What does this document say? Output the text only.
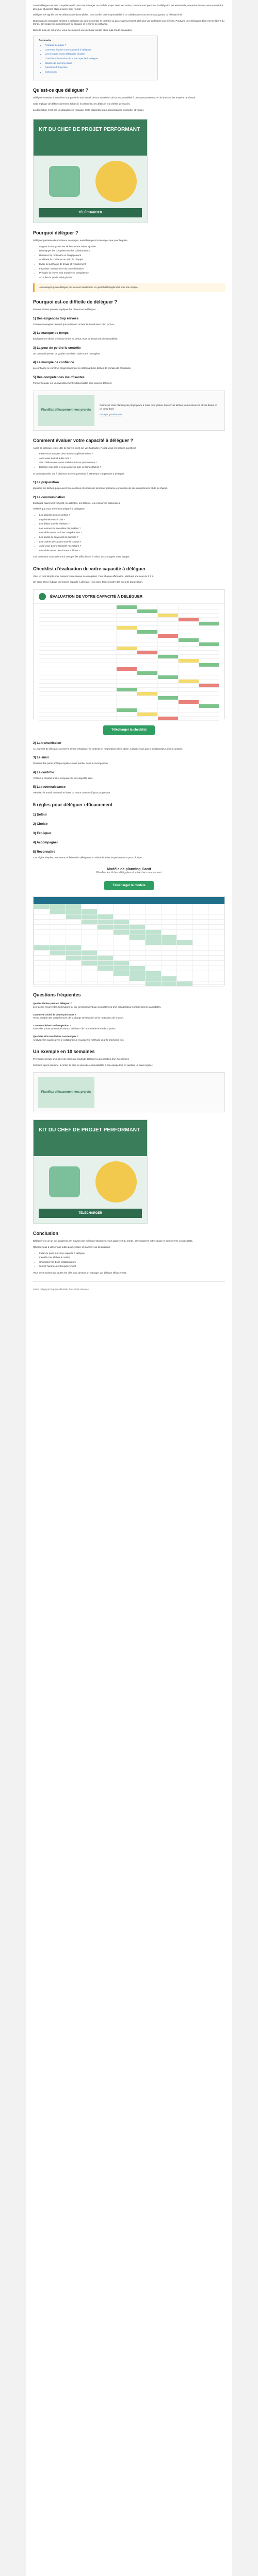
Savoir déléguer est une compétence clé pour tout manager ou chef de projet. Dans cet article, nous verrons pourquoi la délégation est essentielle, comment évaluer votre capacité à déléguer et quelles étapes suivre pour réussir.

Déléguer ne signifie pas se débarrasser d'une tâche : c'est confier une responsabilité à un collaborateur tout en restant garant du résultat final.

Beaucoup de managers hésitent à déléguer par peur de perdre le contrôle ou parce qu'ils pensent aller plus vite en faisant eux-mêmes. Pourtant, une délégation bien menée libère du temps, développe les compétences de l'équipe et renforce la confiance.

Dans la suite de cet article, vous découvrirez une méthode simple et un outil d'auto-évaluation.

Sommaire
• Pourquoi déléguer ?
• Comment évaluer votre capacité à déléguer
• Les 5 étapes d'une délégation réussie
• Checklist d'évaluation de votre capacité à déléguer
• Modèle de planning Gantt
• Questions fréquentes
• Conclusion
Qu'est-ce que déléguer ?

Déléguer consiste à transférer une partie de son travail, de son autorité et de sa responsabilité à une autre personne, en lui donnant les moyens de réussir.

Cela implique de définir clairement l'objectif, le périmètre, les délais et les critères de succès.

La délégation n'est pas un abandon : le manager reste disponible pour accompagner, conseiller et valider.

KIT DU CHEF DE PROJET PERFORMANT
TÉLÉCHARGER
Pourquoi déléguer ?

Déléguer présente de nombreux avantages, aussi bien pour le manager que pour l'équipe :

• Gagner du temps sur les tâches à forte valeur ajoutée
• Développer les compétences des collaborateurs
• Renforcer la motivation et l'engagement
• Améliorer la confiance au sein de l'équipe
• Éviter la surcharge de travail et l'épuisement
• Favoriser l'autonomie et la prise d'initiative
• Préparer la relève et la montée en compétence
• Accroître la productivité globale
Un manager qui ne délègue pas devient rapidement un goulot d'étranglement pour son équipe.
Pourquoi est-ce difficile de déléguer ?

Plusieurs freins peuvent expliquer les réticences à déléguer.

1) Des exigences trop élevées

Certains managers pensent que personne ne fera le travail aussi bien qu'eux.

2) Le manque de temps

Expliquer une tâche prend du temps au début, mais ce temps est vite rentabilisé.

3) La peur de perdre le contrôle

Un bon suivi permet de garder une vision claire sans microgérer.

4) Le manque de confiance

La confiance se construit progressivement en déléguant des tâches de complexité croissante.

5) Des compétences insuffisantes

Former l'équipe est un investissement indispensable pour pouvoir déléguer.

Planifiez efficacement vos projets

Optimisez votre planning de projet grâce à notre outil gratuit. Suivez vos tâches, vos ressources et vos délais en un coup d'œil.

Essayer gratuitement
Comment évaluer votre capacité à déléguer ?

Avant de déléguer, il est utile de faire le point sur vos habitudes. Posez-vous les bonnes questions :

• Faites-vous souvent des heures supplémentaires ?
• Avez-vous du mal à dire non ?
• Vos collaborateurs vous sollicitent-ils en permanence ?
• Estimez-vous être le seul à pouvoir faire certaines tâches ?

Si vous répondez oui à plusieurs de ces questions, il est temps d'apprendre à déléguer.

1) La préparation

Identifiez les tâches qui peuvent être confiées et choisissez la bonne personne en fonction de ses compétences et de sa charge.

2) La communication

Expliquez clairement l'objectif, les attentes, les délais et les ressources disponibles.

Vérifiez que vous avez bien préparé la délégation :

• Les objectifs sont-ils définis ?
• Le périmètre est-il clair ?
• Les délais sont-ils réalistes ?
• Les ressources sont-elles disponibles ?
• Le collaborateur a-t-il les compétences ?
• Les points de suivi sont-ils planifiés ?
• Les critères de succès sont-ils connus ?
• Avez-vous donné l'autorité nécessaire ?
• Le collaborateur peut-il vous solliciter ?

Ces questions vous aideront à anticiper les difficultés et à mieux accompagner votre équipe.

Checklist d'évaluation de votre capacité à déléguer

Voici un outil simple pour mesurer votre niveau de délégation. Pour chaque affirmation, attribuez une note de 1 à 5.

Un score élevé indique une bonne capacité à déléguer ; un score faible montre des axes de progression.

ÉVALUATION DE VOTRE CAPACITÉ À DÉLÉGUER
Télécharger la checklist
2) La transmission

Au moment de déléguer, prenez le temps d'expliquer le contexte et l'importance de la tâche. Assurez-vous que le collaborateur a bien compris.

3) Le suivi

Planifiez des points d'étape réguliers sans tomber dans la microgestion.

4) Le contrôle

Vérifiez le résultat final et comparez-le aux objectifs fixés.

5) La reconnaissance

Valorisez le travail accompli et faites un retour constructif pour progresser.

5 règles pour déléguer efficacement
1) Définir
2) Choisir
3) Expliquer
4) Accompagner
5) Reconnaître

Ces règles simples permettent de faire de la délégation un véritable levier de performance pour l'équipe.

Modèle de planning Gantt
Planifiez les tâches déléguées et suivez leur avancement
Télécharger le modèle
Questions fréquentes
Quelles tâches peut-on déléguer ?

Les tâches récurrentes, techniques ou qui correspondent aux compétences d'un collaborateur sont de bonnes candidates.

Comment choisir la bonne personne ?

Tenez compte des compétences, de la charge de travail et de la motivation de chacun.

Comment éviter la microgestion ?

Fixez des points de suivi à l'avance et laissez de l'autonomie entre deux points.

Que faire si le résultat ne convient pas ?

Analysez les causes avec le collaborateur et ajustez la méthode pour la prochaine fois.

Un exemple en 10 semaines

Prenons l'exemple d'un chef de projet qui souhaite déléguer la préparation d'un événement.

Semaine après semaine, il confie de plus en plus de responsabilités à son équipe tout en gardant un suivi régulier.

Planifiez efficacement vos projets
KIT DU CHEF DE PROJET PERFORMANT
TÉLÉCHARGER
Conclusion

Déléguer est un art qui s'apprend. En suivant une méthode structurée, vous gagnerez du temps, développerez votre équipe et améliorerez vos résultats.

N'hésitez pas à utiliser nos outils pour évaluer et planifier vos délégations.

• Faites le point sur votre capacité à déléguer
• Identifiez les tâches à confier
• Choisissez les bons collaborateurs
• Suivez l'avancement régulièrement

Vous avez maintenant toutes les clés pour devenir un manager qui délègue efficacement.

Article rédigé par l'équipe éditoriale. Tous droits réservés.
